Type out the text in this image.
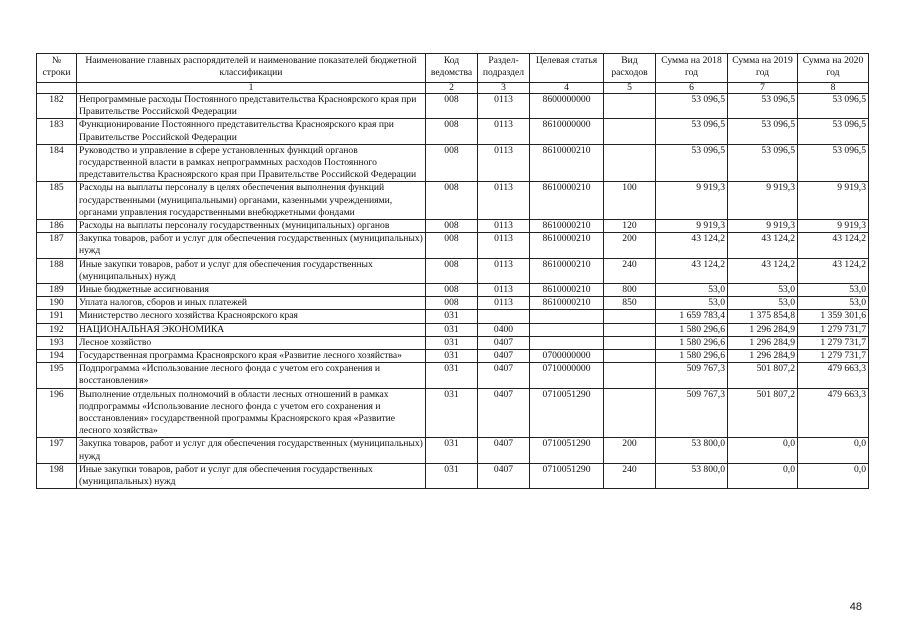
№ строки	Наименование главных распорядителей и наименование показателей бюджетной классификации	Код ведомства	Раздел-подраздел	Целевая статья	Вид расходов	Сумма на 2018 год	Сумма на 2019 год	Сумма на 2020 год
	1	2	3	4	5	6	7	8
182	Непрограммные расходы Постоянного представительства Красноярского края при Правительстве Российской Федерации	008	0113	8600000000		53 096,5	53 096,5	53 096,5
183	Функционирование Постоянного представительства Красноярского края при Правительстве Российской Федерации	008	0113	8610000000		53 096,5	53 096,5	53 096,5
184	Руководство и управление в сфере установленных функций органов государственной власти в рамках непрограммных расходов Постоянного представительства Красноярского края при Правительстве Российской Федерации	008	0113	8610000210		53 096,5	53 096,5	53 096,5
185	Расходы на выплаты персоналу в целях обеспечения выполнения функций государственными (муниципальными) органами, казенными учреждениями, органами управления государственными внебюджетными фондами	008	0113	8610000210	100	9 919,3	9 919,3	9 919,3
186	Расходы на выплаты персоналу государственных (муниципальных) органов	008	0113	8610000210	120	9 919,3	9 919,3	9 919,3
187	Закупка товаров, работ и услуг для обеспечения государственных (муниципальных) нужд	008	0113	8610000210	200	43 124,2	43 124,2	43 124,2
188	Иные закупки товаров, работ и услуг для обеспечения государственных (муниципальных) нужд	008	0113	8610000210	240	43 124,2	43 124,2	43 124,2
189	Иные бюджетные ассигнования	008	0113	8610000210	800	53,0	53,0	53,0
190	Уплата налогов, сборов и иных платежей	008	0113	8610000210	850	53,0	53,0	53,0
191	Министерство лесного хозяйства Красноярского края	031				1 659 783,4	1 375 854,8	1 359 301,6
192	НАЦИОНАЛЬНАЯ ЭКОНОМИКА	031	0400			1 580 296,6	1 296 284,9	1 279 731,7
193	Лесное хозяйство	031	0407			1 580 296,6	1 296 284,9	1 279 731,7
194	Государственная программа Красноярского края «Развитие лесного хозяйства»	031	0407	0700000000		1 580 296,6	1 296 284,9	1 279 731,7
195	Подпрограмма «Использование лесного фонда с учетом его сохранения и восстановления»	031	0407	0710000000		509 767,3	501 807,2	479 663,3
196	Выполнение отдельных полномочий в области лесных отношений в рамках подпрограммы «Использование лесного фонда с учетом его сохранения и восстановления» государственной программы Красноярского края «Развитие лесного хозяйства»	031	0407	0710051290		509 767,3	501 807,2	479 663,3
197	Закупка товаров, работ и услуг для обеспечения государственных (муниципальных) нужд	031	0407	0710051290	200	53 800,0	0,0	0,0
198	Иные закупки товаров, работ и услуг для обеспечения государственных (муниципальных) нужд	031	0407	0710051290	240	53 800,0	0,0	0,0
48
